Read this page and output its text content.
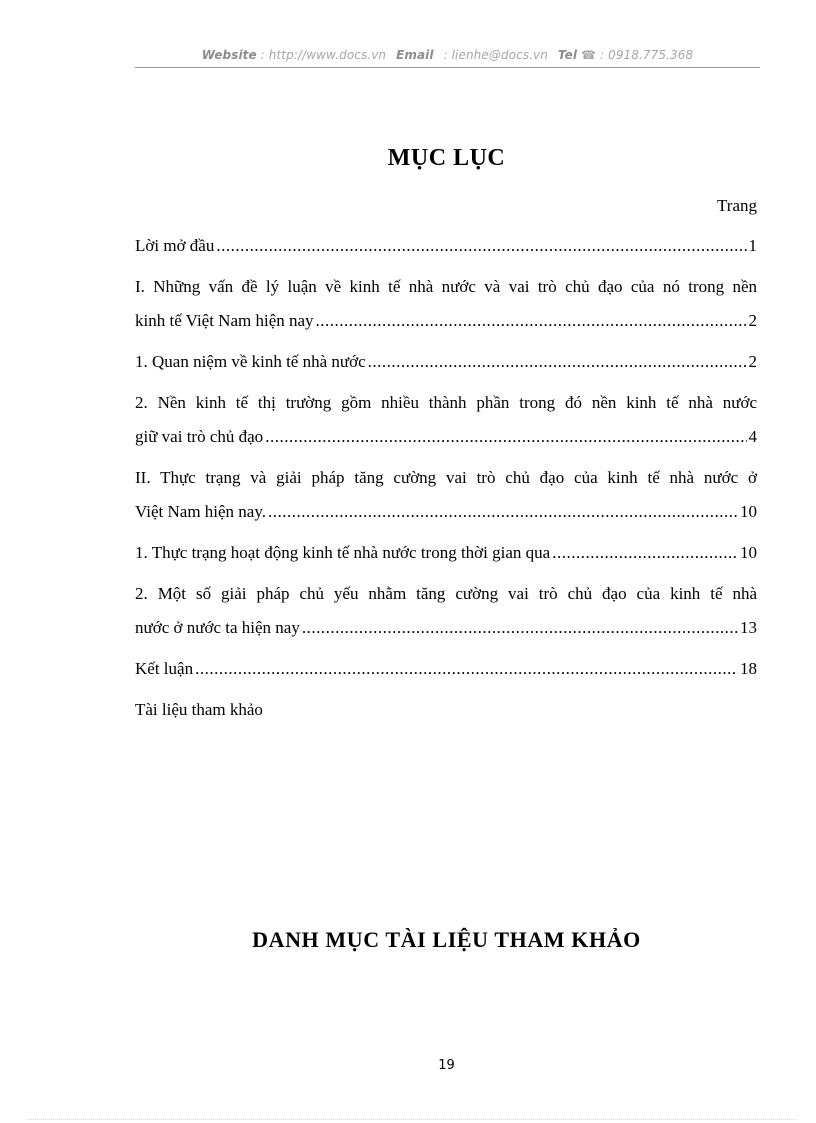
Website : http://www.docs.vn Email : lienhe@docs.vn Tel ☎ : 0918.775.368
MỤC LỤC
Trang
Lời mở đầu .....	1
I. Những vấn đề lý luận về kinh tế nhà nước và vai trò chủ đạo của nó trong nền
kinh tế Việt Nam hiện nay .....	2
1. Quan niệm về kinh tế nhà nước .....	2
2. Nền kinh tế thị trường gồm nhiều thành phần trong đó nền kinh tế nhà nước
giữ vai trò chủ đạo .....	4
II. Thực trạng và giải pháp tăng cường vai trò chủ đạo của kinh tế nhà nước ở
Việt Nam hiện nay. .....	10
1. Thực trạng hoạt động kinh tế nhà nước trong thời gian qua .....	10
2. Một số giải pháp chủ yếu nhằm tăng cường vai trò chủ đạo của kinh tế nhà
nước ở nước ta hiện nay .....	13
Kết luận .....	18
Tài liệu tham khảo
DANH MỤC TÀI LIỆU THAM KHẢO
19
